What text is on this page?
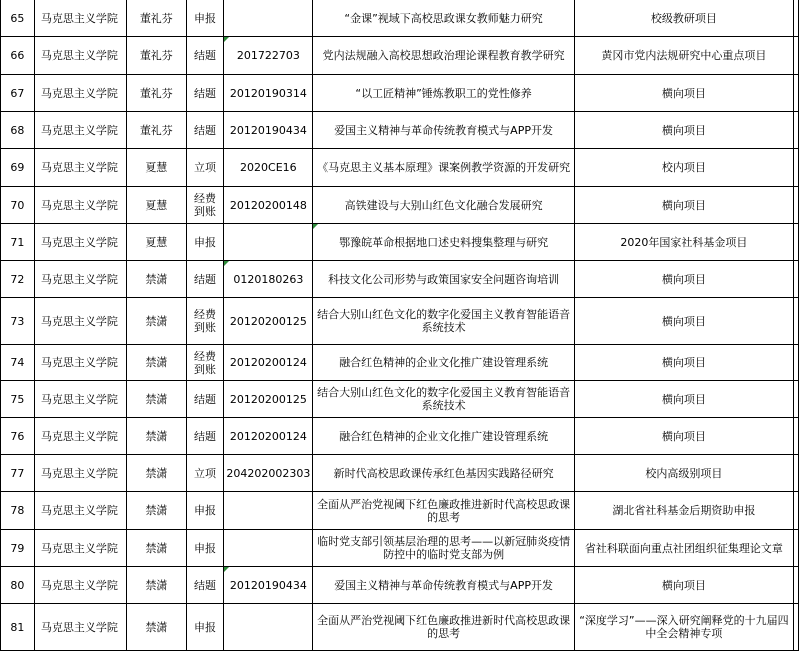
65	马克思主义学院	董礼芬	申报		“金课”视域下高校思政课女教师魅力研究	校级教研项目	
66	马克思主义学院	董礼芬	结题	201722703	党内法规融入高校思想政治理论课程教育教学研究	黄冈市党内法规研究中心重点项目	
67	马克思主义学院	董礼芬	结题	20120190314	“以工匠精神”锤炼教职工的党性修养	横向项目	
68	马克思主义学院	董礼芬	结题	20120190434	爱国主义精神与革命传统教育模式与APP开发	横向项目	
69	马克思主义学院	夏慧	立项	2020CE16	《马克思主义基本原理》课案例教学资源的开发研究	校内项目	
70	马克思主义学院	夏慧	经费到账	20120200148	高铁建设与大别山红色文化融合发展研究	横向项目	
71	马克思主义学院	夏慧	申报		鄂豫皖革命根据地口述史料搜集整理与研究	2020年国家社科基金项目	
72	马克思主义学院	禁潇	结题	0120180263	科技文化公司形势与政策国家安全问题咨询培训	横向项目	
73	马克思主义学院	禁潇	经费到账	20120200125	结合大别山红色文化的数字化爱国主义教育智能语音系统技术	横向项目	
74	马克思主义学院	禁潇	经费到账	20120200124	融合红色精神的企业文化推广建设管理系统	横向项目	
75	马克思主义学院	禁潇	结题	20120200125	结合大别山红色文化的数字化爱国主义教育智能语音系统技术	横向项目	
76	马克思主义学院	禁潇	结题	20120200124	融合红色精神的企业文化推广建设管理系统	横向项目	
77	马克思主义学院	禁潇	立项	204202002303	新时代高校思政课传承红色基因实践路径研究	校内高级别项目	
78	马克思主义学院	禁潇	申报		全面从严治党视阈下红色廉政推进新时代高校思政课的思考	湖北省社科基金后期资助申报	
79	马克思主义学院	禁潇	申报		临时党支部引领基层治理的思考——以新冠肺炎疫情防控中的临时党支部为例	省社科联面向重点社团组织征集理论文章	
80	马克思主义学院	禁潇	结题	20120190434	爱国主义精神与革命传统教育模式与APP开发	横向项目	
81	马克思主义学院	禁潇	申报		全面从严治党视阈下红色廉政推进新时代高校思政课的思考	“深度学习”——深入研究阐释党的十九届四中全会精神专项	
